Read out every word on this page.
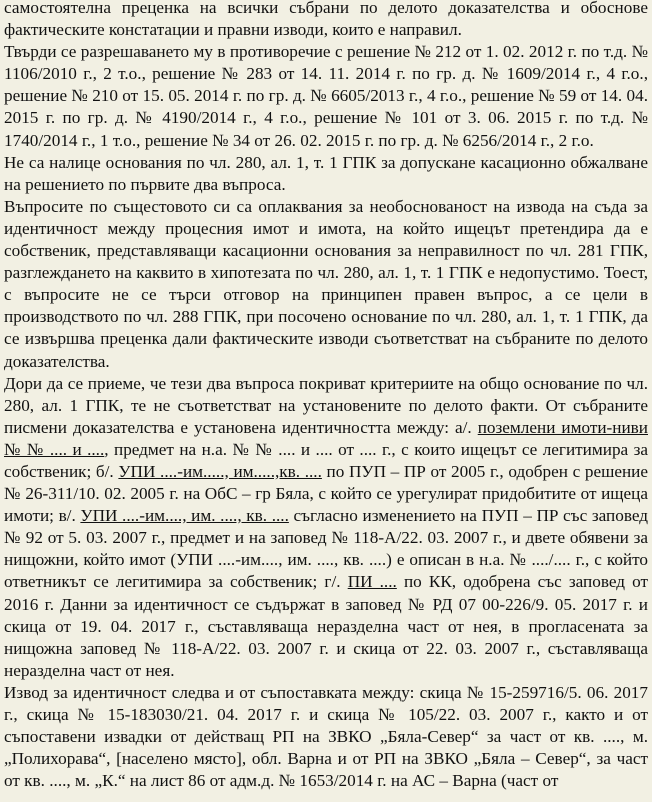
самостоятелна преценка на всички събрани по делото доказателства и обоснове фактическите констатации и правни изводи, които е направил.

Твърди се разрешаването му в противоречие с решение № 212 от 1. 02. 2012 г. по т.д. № 1106/2010 г., 2 т.о., решение № 283 от 14. 11. 2014 г. по гр. д. № 1609/2014 г., 4 г.о., решение № 210 от 15. 05. 2014 г. по гр. д. № 6605/2013 г., 4 г.о., решение № 59 от 14. 04. 2015 г. по гр. д. № 4190/2014 г., 4 г.о., решение № 101 от 3. 06. 2015 г. по т.д. № 1740/2014 г., 1 т.о., решение № 34 от 26. 02. 2015 г. по гр. д. № 6256/2014 г., 2 г.о.

Не са налице основания по чл. 280, ал. 1, т. 1 ГПК за допускане касационно обжалване на решението по първите два въпроса.

Въпросите по същестовото си са оплаквания за необоснованост на извода на съда за идентичност между процесния имот и имота, на който ищецът претендира да е собственик, представляващи касационни основания за неправилност по чл. 281 ГПК, разглеждането на каквито в хипотезата по чл. 280, ал. 1, т. 1 ГПК е недопустимо. Тоест, с въпросите не се търси отговор на принципен правен въпрос, а се цели в производството по чл. 288 ГПК, при посочено основание по чл. 280, ал. 1, т. 1 ГПК, да се извършва преценка дали фактическите изводи съответстват на събраните по делото доказателства.

Дори да се приеме, че тези два въпроса покриват критериите на общо основание по чл. 280, ал. 1 ГПК, те не съответстват на установените по делото факти. От събраните писмени доказателства е установена идентичността между: а/. поземлени имоти-ниви № № .... и ...., предмет на н.а. № № .... и .... от .... г., с които ищецът се легитимира за собственик; б/. УПИ ....-им....., им.....,кв. .... по ПУП – ПР от 2005 г., одобрен с решение № 26-311/10. 02. 2005 г. на ОбС – гр Бяла, с който се урегулират придобитите от ищеца имоти; в/. УПИ ....-им...., им. ...., кв. .... съгласно изменението на ПУП – ПР със заповед № 92 от 5. 03. 2007 г., предмет и на заповед № 118-А/22. 03. 2007 г., и двете обявени за нищожни, който имот (УПИ ....-им...., им. ...., кв. ....) е описан в н.а. № ..../.... г., с който ответникът се легитимира за собственик; г/. ПИ .... по КК, одобрена със заповед от 2016 г. Данни за идентичност се съдържат в заповед № РД 07 00-226/9. 05. 2017 г. и скица от 19. 04. 2017 г., съставляваща неразделна част от нея, в прогласената за нищожна заповед № 118-А/22. 03. 2007 г. и скица от 22. 03. 2007 г., съставляваща неразделна част от нея.

Извод за идентичност следва и от съпоставката между: скица № 15-259716/5. 06. 2017 г., скица № 15-183030/21. 04. 2017 г. и скица № 105/22. 03. 2007 г., както и от съпоставени извадки от действащ РП на ЗВКО „Бяла-Север“ за част от кв. ...., м. „Полихорава“, [населено място], обл. Варна и от РП на ЗВКО „Бяла – Север“, за част от кв. ...., м. „К.“ на лист 86 от адм.д. № 1653/2014 г. на АС – Варна (част от
